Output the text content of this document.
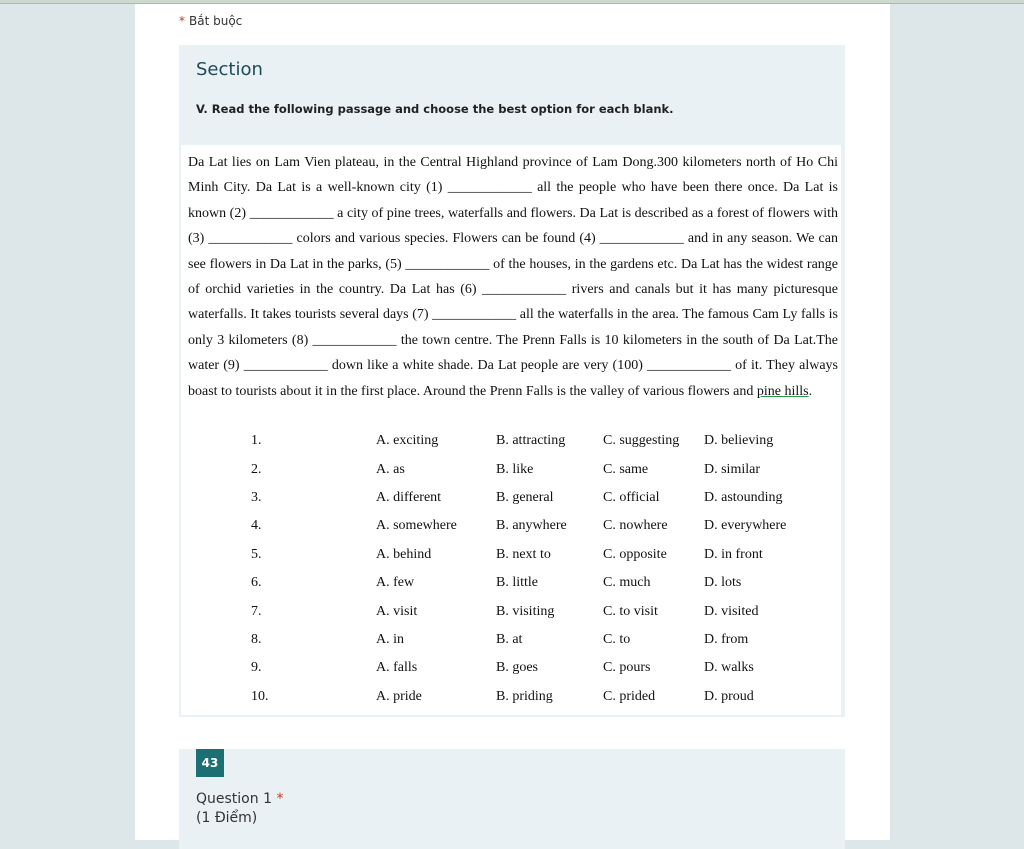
* Bắt buộc
Section
V. Read the following passage and choose the best option for each blank.

Da Lat lies on Lam Vien plateau, in the Central Highland province of Lam Dong.300 kilometers north of Ho Chi Minh City. Da Lat is a well-known city (1) ____________ all the people who have been there once. Da Lat is known (2) ____________ a city of pine trees, waterfalls and flowers. Da Lat is described as a forest of flowers with (3) ____________ colors and various species. Flowers can be found (4) ____________ and in any season. We can see flowers in Da Lat in the parks, (5) ____________ of the houses, in the gardens etc. Da Lat has the widest range of orchid varieties in the country. Da Lat has (6) ____________ rivers and canals but it has many picturesque waterfalls. It takes tourists several days (7) ____________ all the waterfalls in the area. The famous Cam Ly falls is only 3 kilometers (8) ____________ the town centre. The Prenn Falls is 10 kilometers in the south of Da Lat.The water (9) ____________ down like a white shade. Da Lat people are very (100) ____________ of it. They always boast to tourists about it in the first place. Around the Prenn Falls is the valley of various flowers and pine hills.

1.	A. exciting	B. attracting	C. suggesting	D. believing
2.	A. as	B. like	C. same	D. similar
3.	A. different	B. general	C. official	D. astounding
4.	A. somewhere	B. anywhere	C. nowhere	D. everywhere
5.	A. behind	B. next to	C. opposite	D. in front
6.	A. few	B. little	C. much	D. lots
7.	A. visit	B. visiting	C. to visit	D. visited
8.	A. in	B. at	C. to	D. from
9.	A. falls	B. goes	C. pours	D. walks
10.	A. pride	B. priding	C. prided	D. proud
43
Question 1 *
(1 Điểm)
